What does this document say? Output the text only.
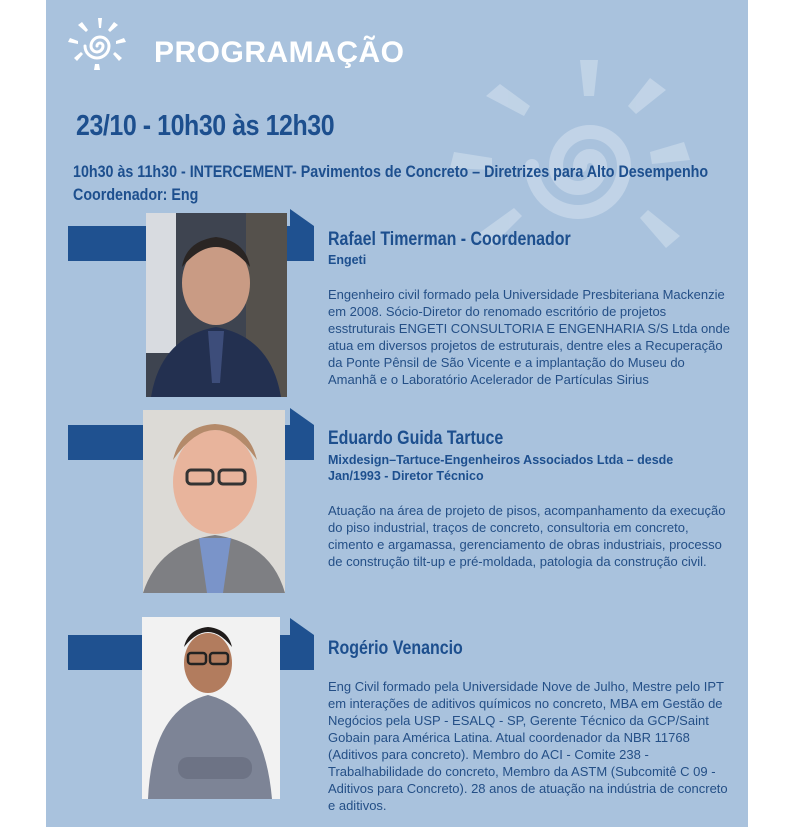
PROGRAMAÇÃO
23/10 - 10h30 às 12h30
10h30 às 11h30 - INTERCEMENT- Pavimentos de Concreto – Diretrizes para Alto Desempenho
Coordenador: Eng
Rafael Timerman - Coordenador
Engeti
Engenheiro civil formado pela Universidade Presbiteriana Mackenzie em 2008. Sócio-Diretor do renomado escritório de projetos esstruturais ENGETI CONSULTORIA E ENGENHARIA S/S Ltda onde atua em diversos projetos de estruturais, dentre eles a Recuperação da Ponte Pênsil de São Vicente e a implantação do Museu do Amanhã e o Laboratório Acelerador de Partículas Sirius
Eduardo Guida Tartuce
Mixdesign–Tartuce-Engenheiros Associados Ltda – desde Jan/1993 - Diretor Técnico
Atuação na área de projeto de pisos, acompanhamento da execução do piso industrial, traços de concreto, consultoria em concreto, cimento e argamassa, gerenciamento de obras industriais, processo de construção tilt-up e pré-moldada, patologia da construção civil.
Rogério Venancio
Eng Civil formado pela Universidade Nove de Julho, Mestre pelo IPT em interações de aditivos químicos no concreto, MBA em Gestão de Negócios pela USP - ESALQ - SP, Gerente Técnico da GCP/Saint Gobain para América Latina. Atual coordenador da NBR 11768 (Aditivos para concreto). Membro do ACI - Comite 238 - Trabalhabilidade do concreto, Membro da ASTM (Subcomitê C 09 - Aditivos para Concreto). 28 anos de atuação na indústria de concreto e aditivos.
